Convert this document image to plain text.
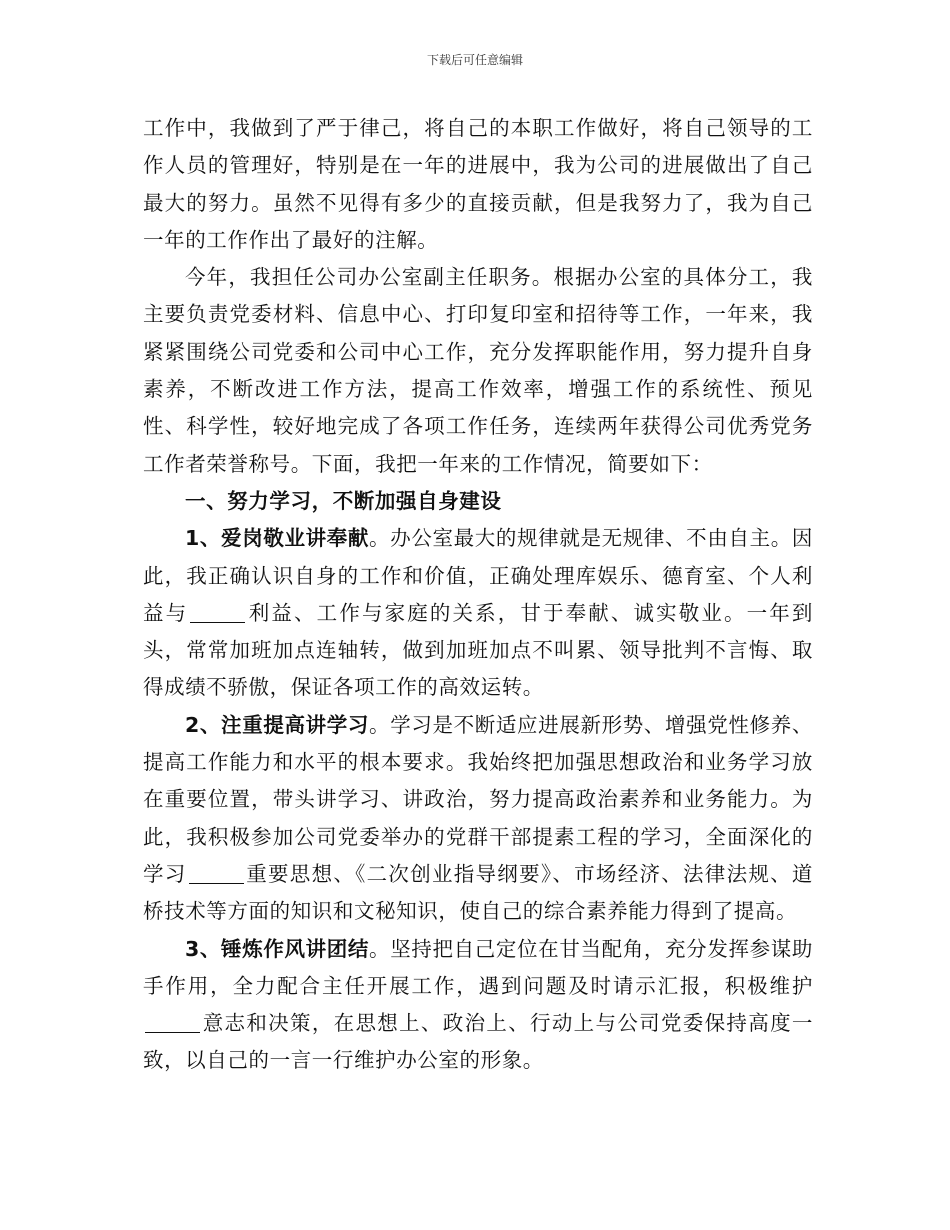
下载后可任意编辑

工作中，我做到了严于律己，将自己的本职工作做好，将自己领导的工作人员的管理好，特别是在一年的进展中，我为公司的进展做出了自己最大的努力。虽然不见得有多少的直接贡献，但是我努力了，我为自己一年的工作作出了最好的注解。

今年，我担任公司办公室副主任职务。根据办公室的具体分工，我主要负责党委材料、信息中心、打印复印室和招待等工作，一年来，我紧紧围绕公司党委和公司中心工作，充分发挥职能作用，努力提升自身素养，不断改进工作方法，提高工作效率，增强工作的系统性、预见性、科学性，较好地完成了各项工作任务，连续两年获得公司优秀党务工作者荣誉称号。下面，我把一年来的工作情况，简要如下：

一、努力学习，不断加强自身建设

1、爱岗敬业讲奉献。办公室最大的规律就是无规律、不由自主。因此，我正确认识自身的工作和价值，正确处理库娱乐、德育室、个人利益与	利益、工作与家庭的关系，甘于奉献、诚实敬业。一年到头，常常加班加点连轴转，做到加班加点不叫累、领导批判不言悔、取得成绩不骄傲，保证各项工作的高效运转。

2、注重提高讲学习。学习是不断适应进展新形势、增强党性修养、提高工作能力和水平的根本要求。我始终把加强思想政治和业务学习放在重要位置，带头讲学习、讲政治，努力提高政治素养和业务能力。为此，我积极参加公司党委举办的党群干部提素工程的学习，全面深化的学习	重要思想、《二次创业指导纲要》、市场经济、法律法规、道桥技术等方面的知识和文秘知识，使自己的综合素养能力得到了提高。

3、锤炼作风讲团结。坚持把自己定位在甘当配角，充分发挥参谋助手作用，全力配合主任开展工作，遇到问题及时请示汇报，积极维护意志和决策，在思想上、政治上、行动上与公司党委保持高度一致，以自己的一言一行维护办公室的形象。
